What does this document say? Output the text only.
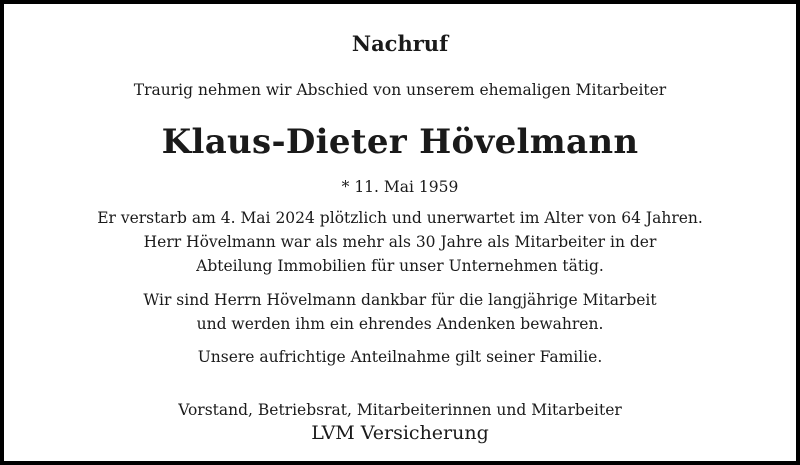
Nachruf
Traurig nehmen wir Abschied von unserem ehemaligen Mitarbeiter
Klaus-Dieter Hövelmann
* 11. Mai 1959
Er verstarb am 4. Mai 2024 plötzlich und unerwartet im Alter von 64 Jahren.
Herr Hövelmann war als mehr als 30 Jahre als Mitarbeiter in der
Abteilung Immobilien für unser Unternehmen tätig.
Wir sind Herrn Hövelmann dankbar für die langjährige Mitarbeit
und werden ihm ein ehrendes Andenken bewahren.
Unsere aufrichtige Anteilnahme gilt seiner Familie.
Vorstand, Betriebsrat, Mitarbeiterinnen und Mitarbeiter
LVM Versicherung
